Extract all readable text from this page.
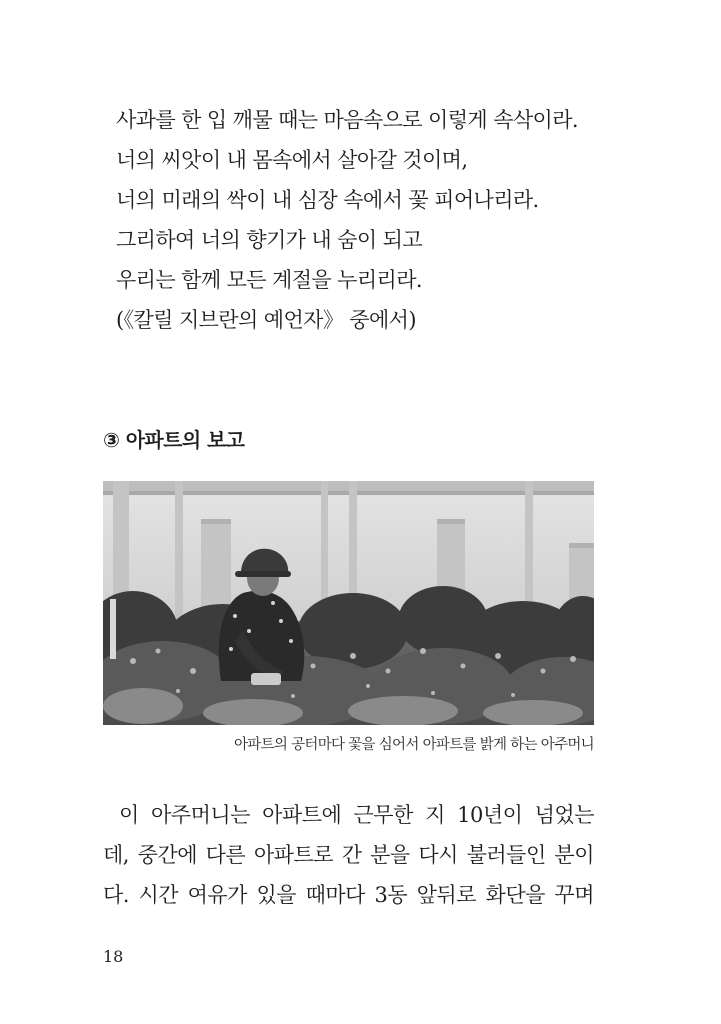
사과를 한 입 깨물 때는 마음속으로 이렇게 속삭이라.
너의 씨앗이 내 몸속에서 살아갈 것이며,
너의 미래의 싹이 내 심장 속에서 꽃 피어나리라.
그리하여 너의 향기가 내 숨이 되고
우리는 함께 모든 계절을 누리리라.
(《칼릴 지브란의 예언자》 중에서)
③ 아파트의 보고
아파트의 공터마다 꽃을 심어서 아파트를 밝게 하는 아주머니
이 아주머니는 아파트에 근무한 지 10년이 넘었는
데, 중간에 다른 아파트로 간 분을 다시 불러들인 분이
다. 시간 여유가 있을 때마다 3동 앞뒤로 화단을 꾸며
18
